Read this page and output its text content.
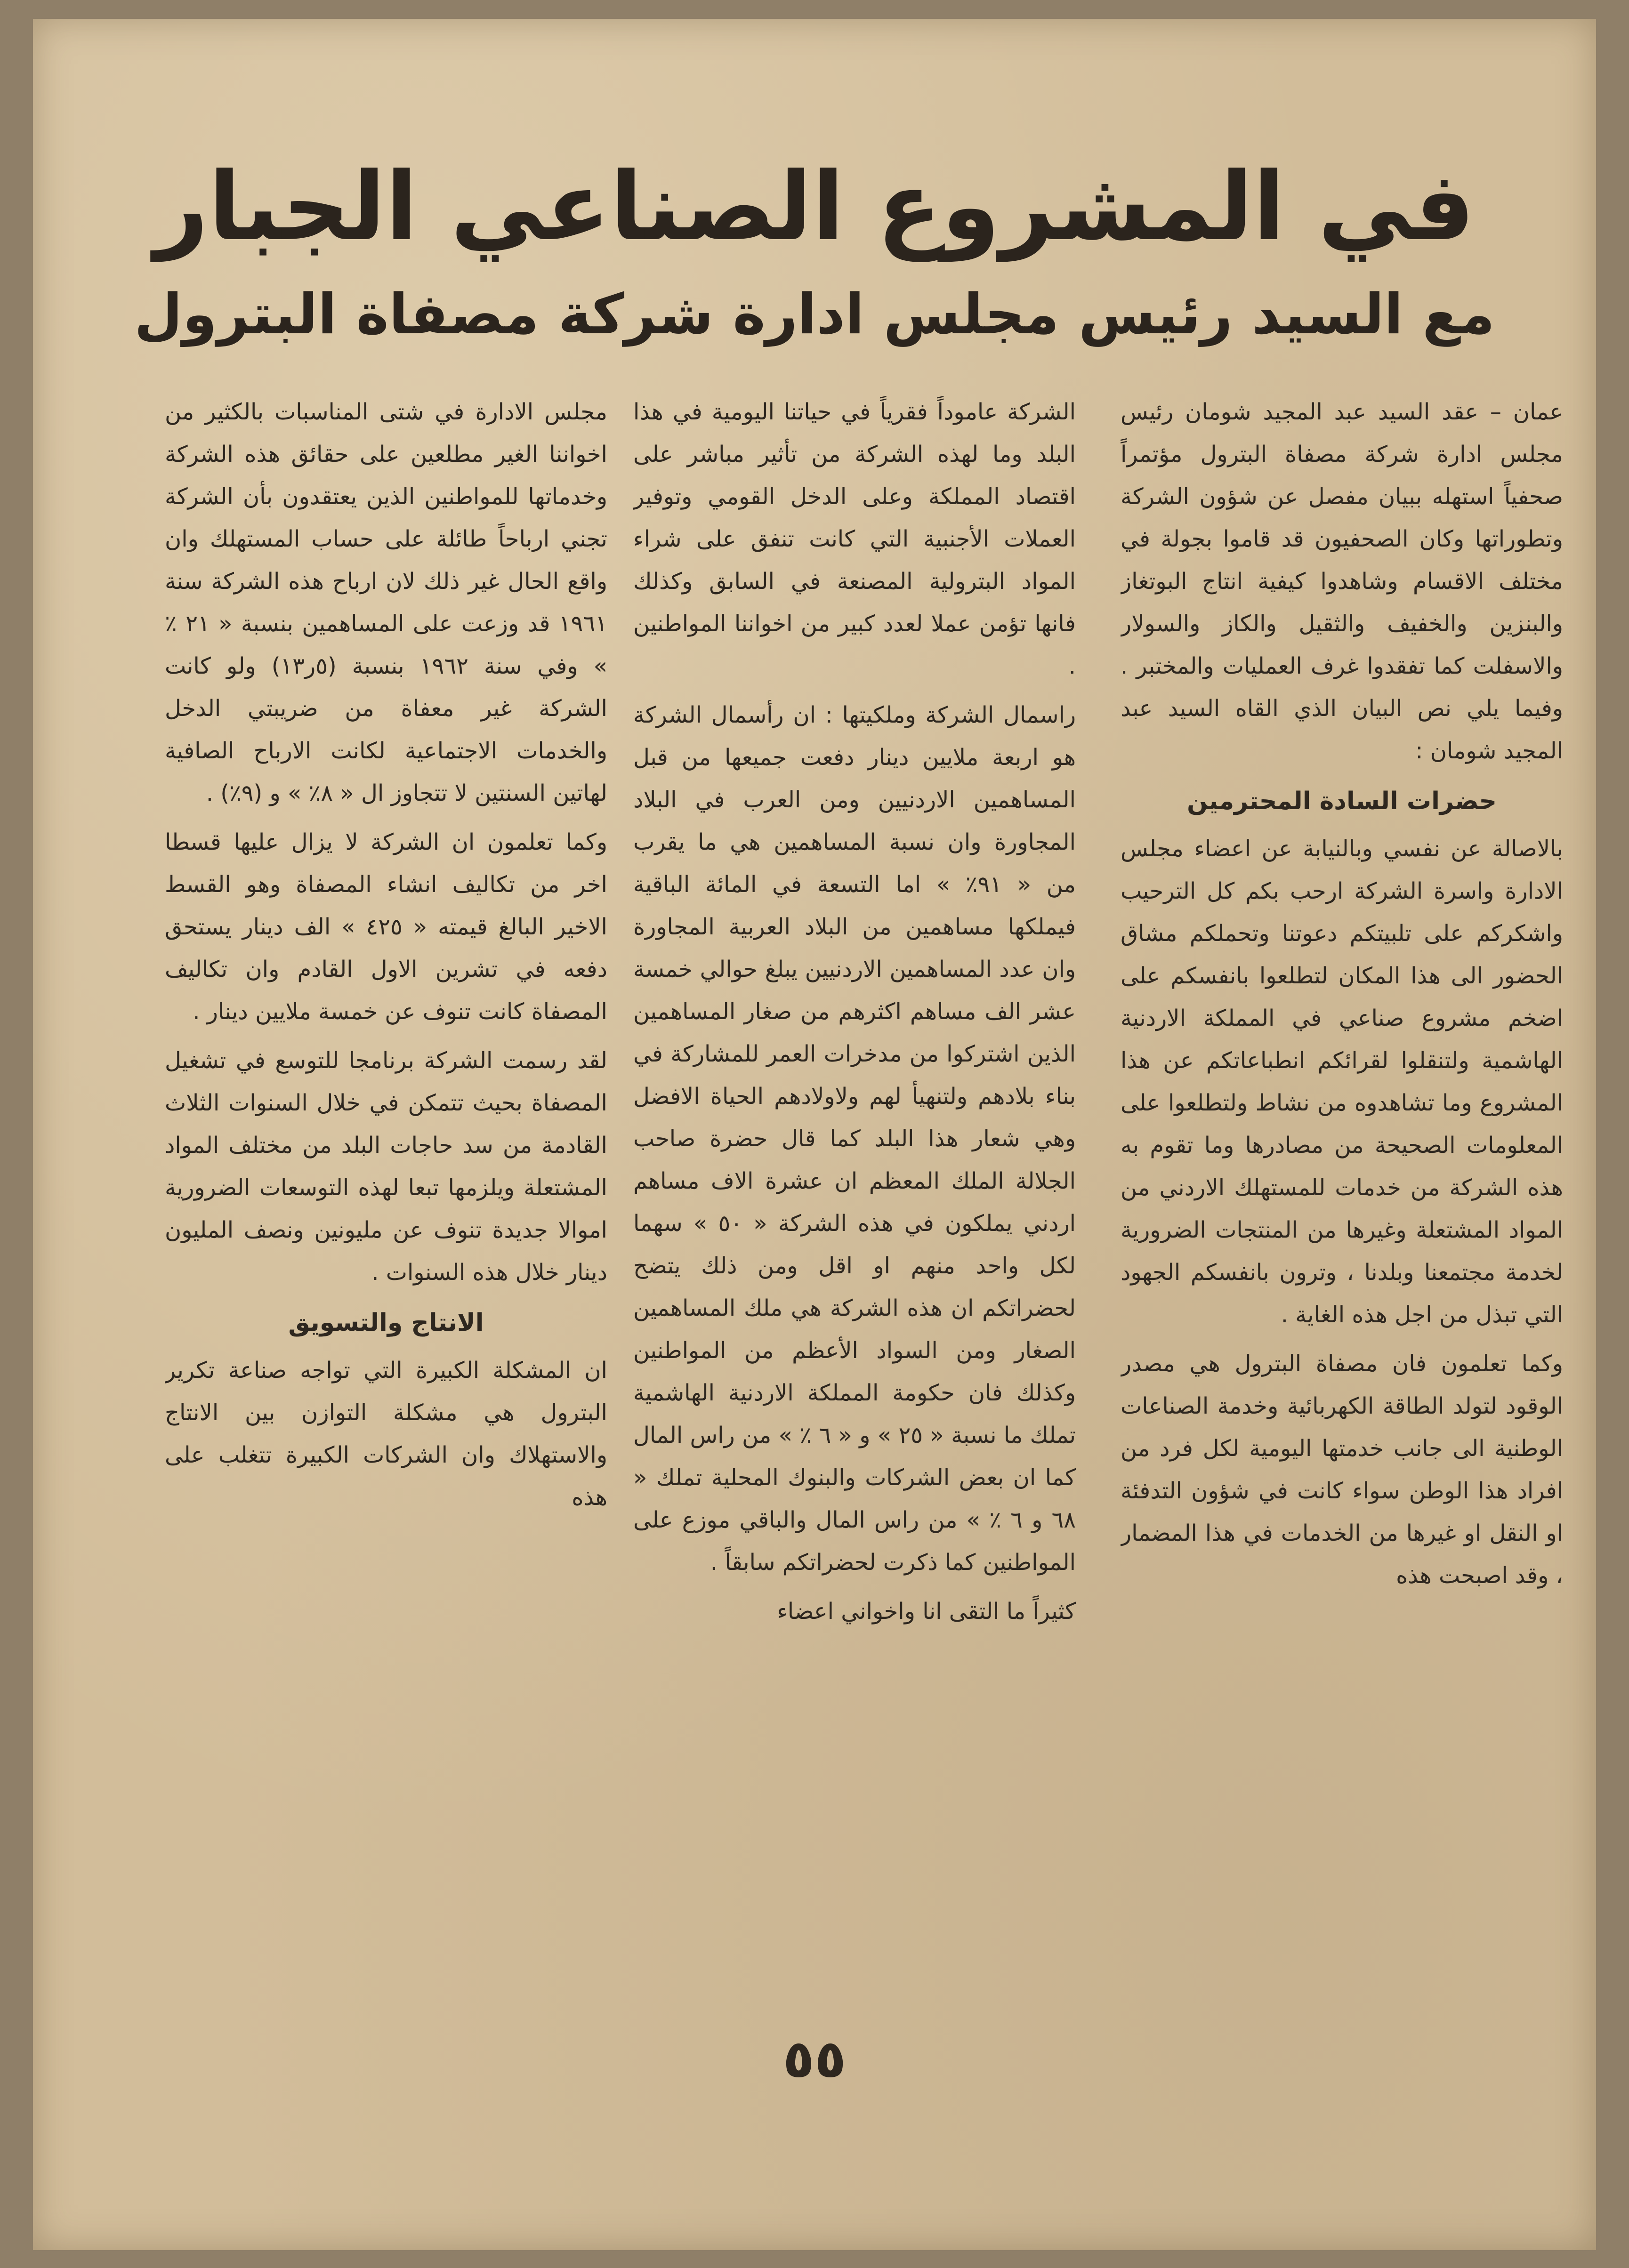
في المشروع الصناعي الجبار
مع السيد رئيس مجلس ادارة شركة مصفاة البترول

عمان – عقد السيد عبد المجيد شومان رئيس مجلس ادارة شركة مصفاة البترول مؤتمراً صحفياً استهله ببيان مفصل عن شؤون الشركة وتطوراتها وكان الصحفيون قد قاموا بجولة في مختلف الاقسام وشاهدوا كيفية انتاج البوتغاز والبنزين والخفيف والثقيل والكاز والسولار والاسفلت كما تفقدوا غرف العمليات والمختبر . وفيما يلي نص البيان الذي القاه السيد عبد المجيد شومان :

حضرات السادة المحترمين

بالاصالة عن نفسي وبالنيابة عن اعضاء مجلس الادارة واسرة الشركة ارحب بكم كل الترحيب واشكركم على تلبيتكم دعوتنا وتحملكم مشاق الحضور الى هذا المكان لتطلعوا بانفسكم على اضخم مشروع صناعي في المملكة الاردنية الهاشمية ولتنقلوا لقرائكم انطباعاتكم عن هذا المشروع وما تشاهدوه من نشاط ولتطلعوا على المعلومات الصحيحة من مصادرها وما تقوم به هذه الشركة من خدمات للمستهلك الاردني من المواد المشتعلة وغيرها من المنتجات الضرورية لخدمة مجتمعنا وبلدنا ، وترون بانفسكم الجهود التي تبذل من اجل هذه الغاية .

وكما تعلمون فان مصفاة البترول هي مصدر الوقود لتولد الطاقة الكهربائية وخدمة الصناعات الوطنية الى جانب خدمتها اليومية لكل فرد من افراد هذا الوطن سواء كانت في شؤون التدفئة او النقل او غيرها من الخدمات في هذا المضمار ، وقد اصبحت هذه

الشركة عاموداً فقرياً في حياتنا اليومية في هذا البلد وما لهذه الشركة من تأثير مباشر على اقتصاد المملكة وعلى الدخل القومي وتوفير العملات الأجنبية التي كانت تنفق على شراء المواد البترولية المصنعة في السابق وكذلك فانها تؤمن عملا لعدد كبير من اخواننا المواطنين .

راسمال الشركة وملكيتها : ان رأسمال الشركة هو اربعة ملايين دينار دفعت جميعها من قبل المساهمين الاردنيين ومن العرب في البلاد المجاورة وان نسبة المساهمين هي ما يقرب من « ٩١٪ » اما التسعة في المائة الباقية فيملكها مساهمين من البلاد العربية المجاورة وان عدد المساهمين الاردنيين يبلغ حوالي خمسة عشر الف مساهم اكثرهم من صغار المساهمين الذين اشتركوا من مدخرات العمر للمشاركة في بناء بلادهم ولتنهيأ لهم ولاولادهم الحياة الافضل وهي شعار هذا البلد كما قال حضرة صاحب الجلالة الملك المعظم ان عشرة الاف مساهم اردني يملكون في هذه الشركة « ٥٠ » سهما لكل واحد منهم او اقل ومن ذلك يتضح لحضراتكم ان هذه الشركة هي ملك المساهمين الصغار ومن السواد الأعظم من المواطنين وكذلك فان حكومة المملكة الاردنية الهاشمية تملك ما نسبة « ٢٥ » و « ٦ ٪ » من راس المال كما ان بعض الشركات والبنوك المحلية تملك « ٦٨ و ٦ ٪ » من راس المال والباقي موزع على المواطنين كما ذكرت لحضراتكم سابقاً .

كثيراً ما التقى انا واخواني اعضاء

مجلس الادارة في شتى المناسبات بالكثير من اخواننا الغير مطلعين على حقائق هذه الشركة وخدماتها للمواطنين الذين يعتقدون بأن الشركة تجني ارباحاً طائلة على حساب المستهلك وان واقع الحال غير ذلك لان ارباح هذه الشركة سنة ١٩٦١ قد وزعت على المساهمين بنسبة « ٢١ ٪ » وفي سنة ١٩٦٢ بنسبة (٥ر١٣) ولو كانت الشركة غير معفاة من ضريبتي الدخل والخدمات الاجتماعية لكانت الارباح الصافية لهاتين السنتين لا تتجاوز ال « ٨٪ » و (٩٪) .

وكما تعلمون ان الشركة لا يزال عليها قسطا اخر من تكاليف انشاء المصفاة وهو القسط الاخير البالغ قيمته « ٤٢٥ » الف دينار يستحق دفعه في تشرين الاول القادم وان تكاليف المصفاة كانت تنوف عن خمسة ملايين دينار .

لقد رسمت الشركة برنامجا للتوسع في تشغيل المصفاة بحيث تتمكن في خلال السنوات الثلاث القادمة من سد حاجات البلد من مختلف المواد المشتعلة ويلزمها تبعا لهذه التوسعات الضرورية اموالا جديدة تنوف عن مليونين ونصف المليون دينار خلال هذه السنوات .

الانتاج والتسويق

ان المشكلة الكبيرة التي تواجه صناعة تكرير البترول هي مشكلة التوازن بين الانتاج والاستهلاك وان الشركات الكبيرة تتغلب على هذه

٥٥
